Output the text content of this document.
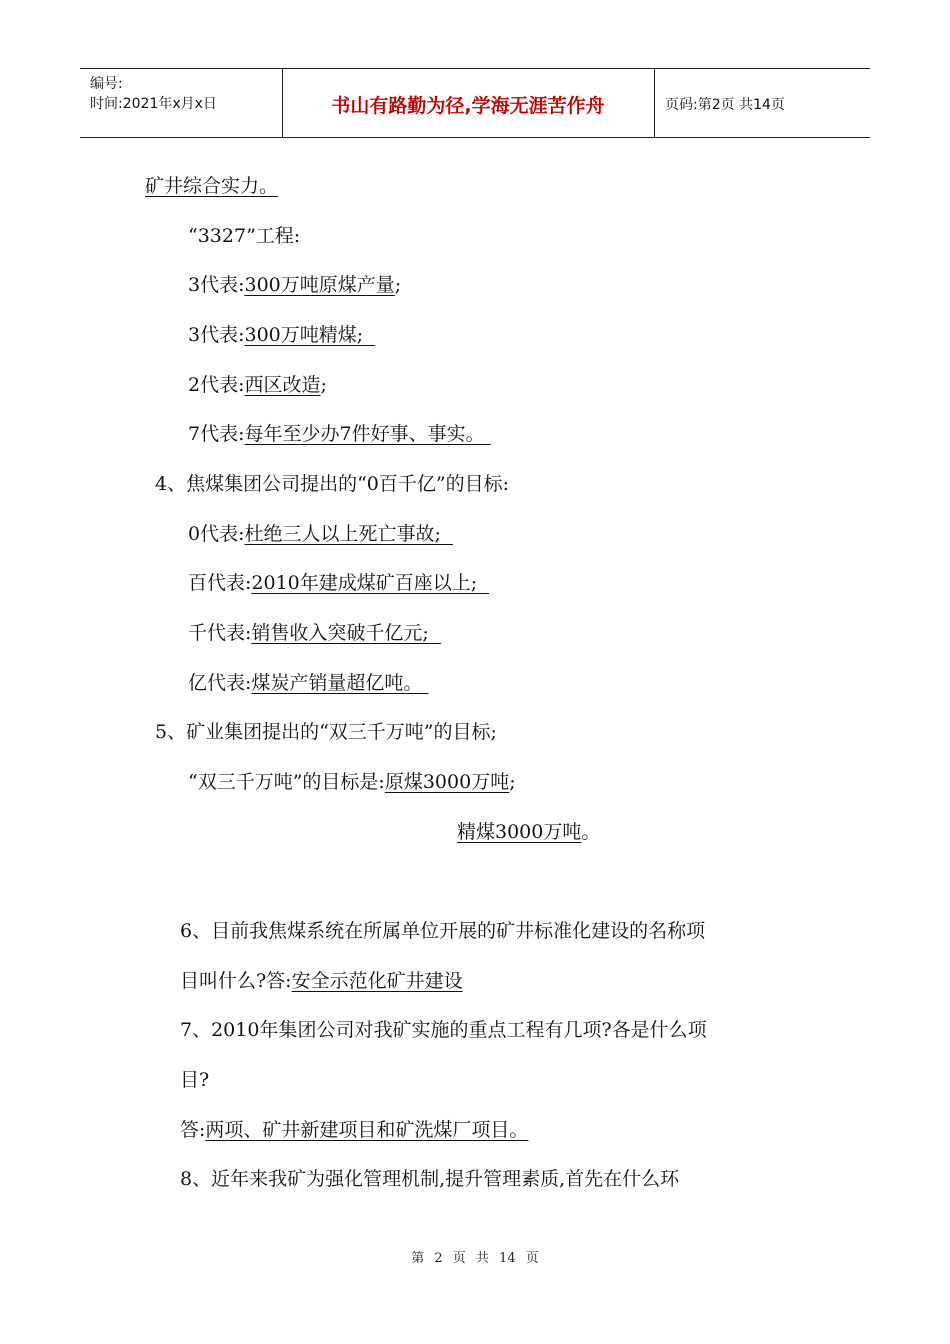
编号:
时间:2021年x月x日	书山有路勤为径,学海无涯苦作舟	页码:第2页 共14页
矿井综合实力。
“3327”工程:
3代表:300万吨原煤产量;
3代表:300万吨精煤;
2代表:西区改造;
7代表:每年至少办7件好事、事实。
4、焦煤集团公司提出的“0百千亿”的目标:
0代表:杜绝三人以上死亡事故;
百代表:2010年建成煤矿百座以上;
千代表:销售收入突破千亿元;
亿代表:煤炭产销量超亿吨。
5、矿业集团提出的“双三千万吨”的目标;
“双三千万吨”的目标是:原煤3000万吨;
精煤3000万吨。
6、目前我焦煤系统在所属单位开展的矿井标准化建设的名称项
目叫什么?答:安全示范化矿井建设
7、2010年集团公司对我矿实施的重点工程有几项?各是什么项
目?
答:两项、矿井新建项目和矿洗煤厂项目。
8、近年来我矿为强化管理机制,提升管理素质,首先在什么环
第 2 页 共 14 页
